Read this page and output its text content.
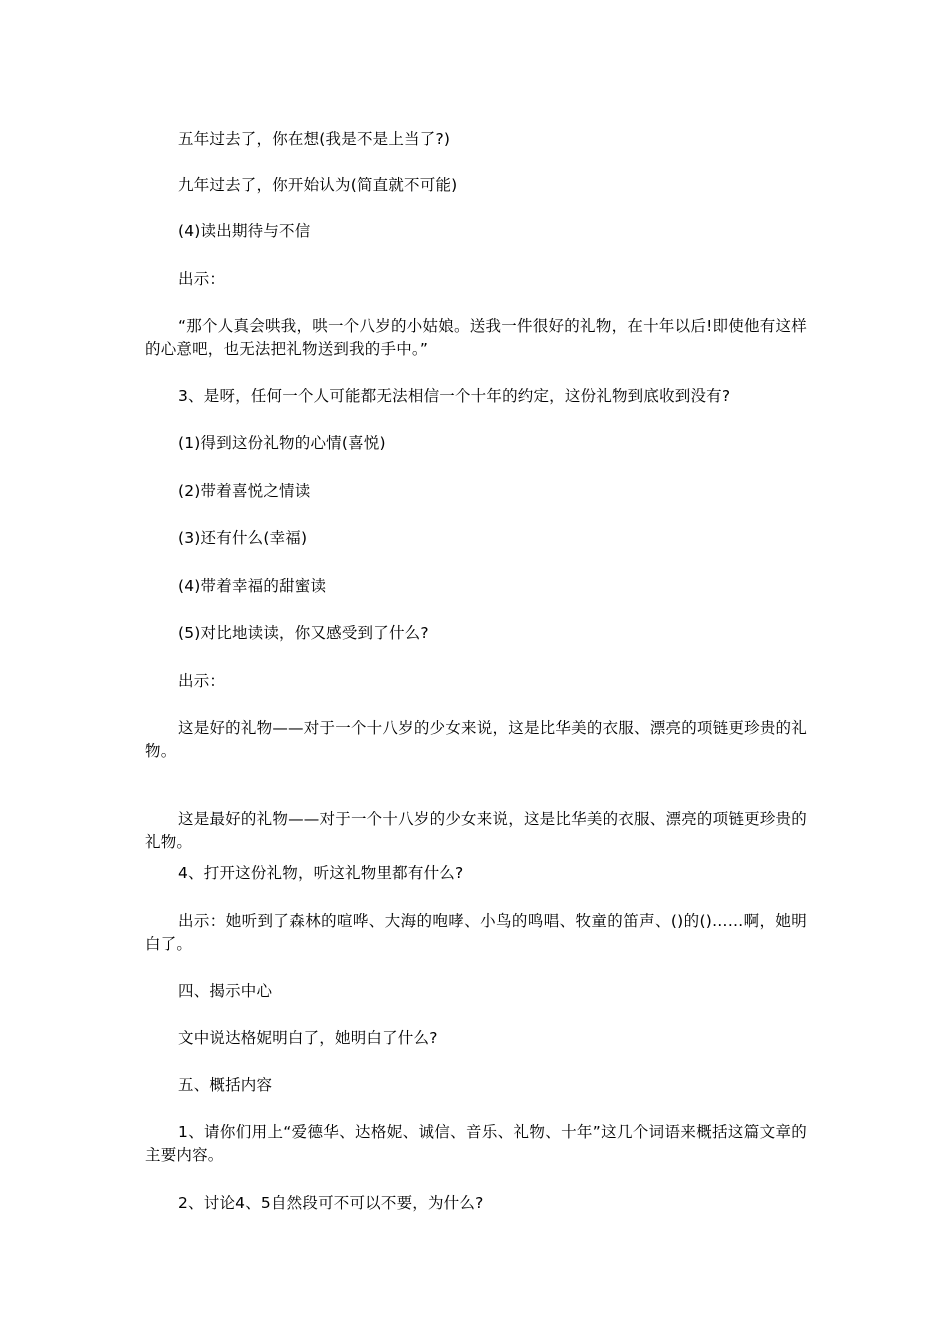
五年过去了，你在想(我是不是上当了?)

九年过去了，你开始认为(简直就不可能)

(4)读出期待与不信

出示：

“那个人真会哄我，哄一个八岁的小姑娘。送我一件很好的礼物，在十年以后!即使他有这样的心意吧，也无法把礼物送到我的手中。”

3、是呀，任何一个人可能都无法相信一个十年的约定，这份礼物到底收到没有?

(1)得到这份礼物的心情(喜悦)

(2)带着喜悦之情读

(3)还有什么(幸福)

(4)带着幸福的甜蜜读

(5)对比地读读，你又感受到了什么?

出示：

这是好的礼物——对于一个十八岁的少女来说，这是比华美的衣服、漂亮的项链更珍贵的礼物。

这是最好的礼物——对于一个十八岁的少女来说，这是比华美的衣服、漂亮的项链更珍贵的礼物。

4、打开这份礼物，听这礼物里都有什么?

出示：她听到了森林的喧哗、大海的咆哮、小鸟的鸣唱、牧童的笛声、()的()……啊，她明白了。

四、揭示中心

文中说达格妮明白了，她明白了什么?

五、概括内容

1、请你们用上“爱德华、达格妮、诚信、音乐、礼物、十年”这几个词语来概括这篇文章的主要内容。

2、讨论4、5自然段可不可以不要，为什么?
